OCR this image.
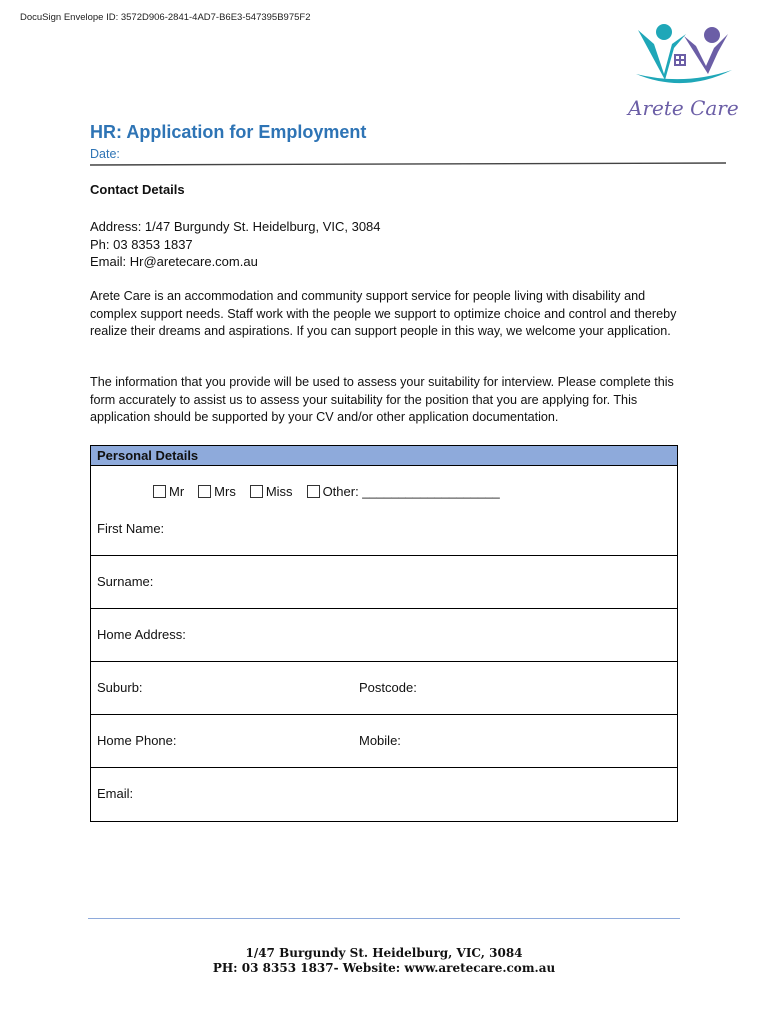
DocuSign Envelope ID: 3572D906-2841-4AD7-B6E3-547395B975F2
Arete Care
HR: Application for Employment
Date:
Contact Details
Address: 1/47 Burgundy St. Heidelburg, VIC, 3084
Ph: 03 8353 1837
Email: Hr@aretecare.com.au
Arete Care is an accommodation and community support service for people living with disability and complex support needs. Staff work with the people we support to optimize choice and control and thereby realize their dreams and aspirations. If you can support people in this way, we welcome your application.
The information that you provide will be used to assess your suitability for interview. Please complete this form accurately to assist us to assess your suitability for the position that you are applying for. This application should be supported by your CV and/or other application documentation.
Personal Details
Mr Mrs Miss Other: ___________________
First Name:
Surname:
Home Address:
Suburb:	Postcode:
Home Phone:	Mobile:
Email:
1/47 Burgundy St. Heidelburg, VIC, 3084
PH: 03 8353 1837- Website: www.aretecare.com.au
